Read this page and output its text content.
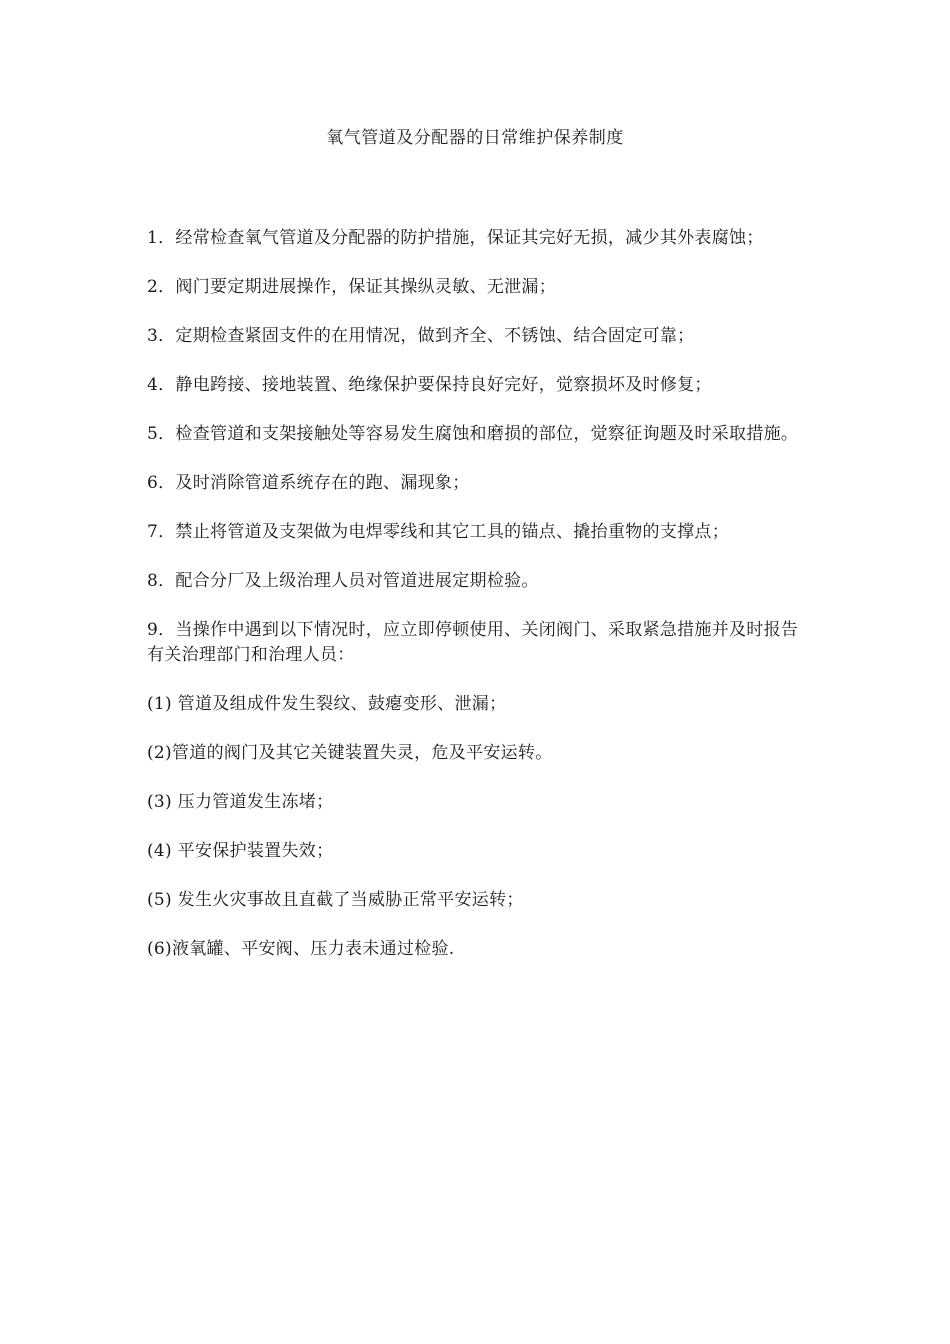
氧气管道及分配器的日常维护保养制度

1．经常检查氧气管道及分配器的防护措施，保证其完好无损，减少其外表腐蚀；

2．阀门要定期进展操作，保证其操纵灵敏、无泄漏；

3．定期检查紧固支件的在用情况，做到齐全、不锈蚀、结合固定可靠；

4．静电跨接、接地装置、绝缘保护要保持良好完好，觉察损坏及时修复；

5．检查管道和支架接触处等容易发生腐蚀和磨损的部位，觉察征询题及时采取措施。

6．及时消除管道系统存在的跑、漏现象；

7．禁止将管道及支架做为电焊零线和其它工具的锚点、撬抬重物的支撑点；

8．配合分厂及上级治理人员对管道进展定期检验。

9．当操作中遇到以下情况时，应立即停顿使用、关闭阀门、采取紧急措施并及时报告有关治理部门和治理人员：

(1) 管道及组成件发生裂纹、鼓瘪变形、泄漏；

(2)管道的阀门及其它关键装置失灵，危及平安运转。

(3) 压力管道发生冻堵；

(4) 平安保护装置失效；

(5) 发生火灾事故且直截了当威胁正常平安运转；

(6)液氧罐、平安阀、压力表未通过检验.
